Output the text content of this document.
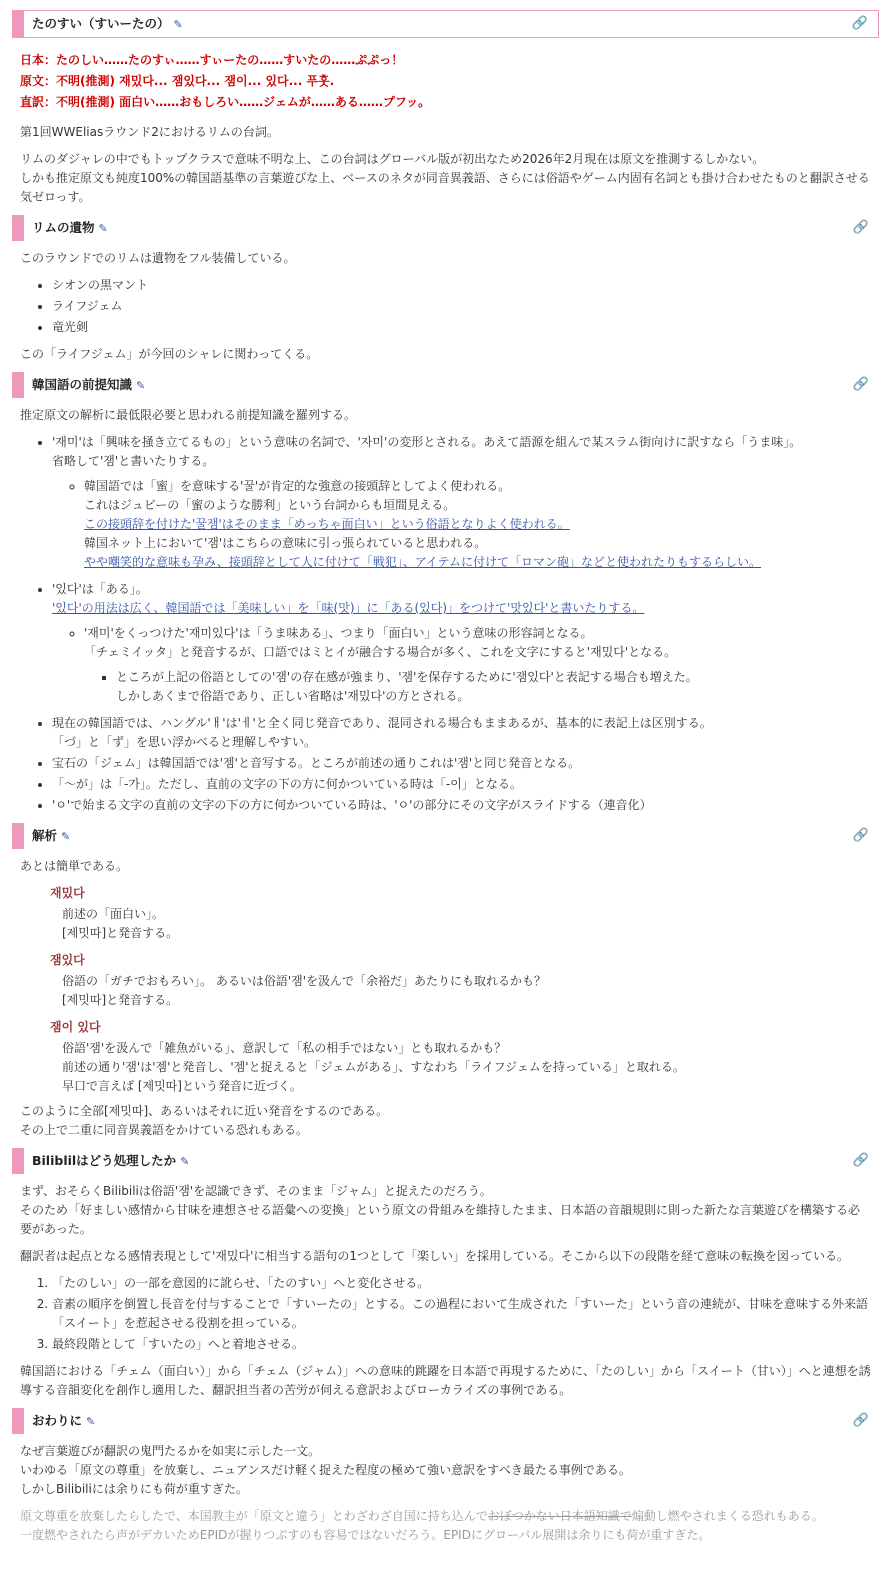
たのすい（すいーたの） ✎	🔗
日本：たのしい……たのすぃ……すぃーたの……すいたの……ぷぷっ！
原文：不明(推測) 재밌다... 잼있다... 잼이... 있다... 푸훗.
直訳：不明(推測) 面白い……おもしろい……ジェムが……ある……プフッ。

第1回WWEliasラウンド2におけるリムの台詞。

リムのダジャレの中でもトップクラスで意味不明な上、この台詞はグローバル版が初出なため2026年2月現在は原文を推測するしかない。
しかも推定原文も純度100%の韓国語基準の言葉遊びな上、ベースのネタが同音異義語、さらには俗語やゲーム内固有名詞とも掛け合わせたものと翻訳させる気ゼロっす。

リムの遺物 ✎	🔗

このラウンドでのリムは遺物をフル装備している。

• シオンの黒マント
• ライフジェム
• 竜光剣

この「ライフジェム」が今回のシャレに関わってくる。

韓国語の前提知識 ✎	🔗

推定原文の解析に最低限必要と思われる前提知識を羅列する。

• '재미'は「興味を掻き立てるもの」という意味の名詞で、'자미'の変形とされる。あえて語源を組んで某スラム街向けに訳すなら「うま味」。
省略して'잼'と書いたりする。
◦ 韓国語では「蜜」を意味する'꿀'が肯定的な強意の接頭辞としてよく使われる。
これはジュビーの「蜜のような勝利」という台詞からも垣間見える。
この接頭辞を付けた'꿀잼'はそのまま「めっちゃ面白い」という俗語となりよく使われる。
韓国ネット上において'잼'はこちらの意味に引っ張られていると思われる。
やや嘲笑的な意味も孕み、接頭辞として人に付けて「戦犯」、アイテムに付けて「ロマン砲」などと使われたりもするらしい。
• '있다'は「ある」。
'있다'の用法は広く、韓国語では「美味しい」を「味(맛)」に「ある(있다)」をつけて'맛있다'と書いたりする。
◦ '재미'をくっつけた'재미있다'は「うま味ある」、つまり「面白い」という意味の形容詞となる。
「チェミイッタ」と発音するが、口語ではミとイが融合する場合が多く、これを文字にすると'재밌다'となる。
▪ ところが上記の俗語としての'잼'の存在感が強まり、'잼'を保存するために'잼있다'と表記する場合も増えた。
しかしあくまで俗語であり、正しい省略は'재밌다'の方とされる。
• 現在の韓国語では、ハングル'ㅐ'は'ㅔ'と全く同じ発音であり、混同される場合もままあるが、基本的に表記上は区別する。
「づ」と「ず」を思い浮かべると理解しやすい。
• 宝石の「ジェム」は韓国語では'젬'と音写する。ところが前述の通りこれは'잼'と同じ発音となる。
• 「～が」は「-가」。ただし、直前の文字の下の方に何かついている時は「-이」となる。
• 'ㅇ'で始まる文字の直前の文字の下の方に何かついている時は、'ㅇ'の部分にその文字がスライドする（連音化）
解析 ✎	🔗

あとは簡単である。

재밌다
前述の「面白い」。
[제밋따]と発音する。
잼있다
俗語の「ガチでおもろい」。 あるいは俗語'잼'を汲んで「余裕だ」あたりにも取れるかも？
[제밋따]と発音する。
잼이 있다
俗語'잼'を汲んで「雑魚がいる」、意訳して「私の相手ではない」とも取れるかも？
前述の通り'잼'は'젬'と発音し、'젬'と捉えると「ジェムがある」、すなわち「ライフジェムを持っている」と取れる。
早口で言えば [제밋따]という発音に近づく。

このように全部[제밋따]、あるいはそれに近い発音をするのである。
その上で二重に同音異義語をかけている恐れもある。

Biliblilはどう処理したか ✎	🔗

まず、おそらくBilibiliは俗語'잼'を認識できず、そのまま「ジャム」と捉えたのだろう。
そのため「好ましい感情から甘味を連想させる語彙への変換」という原文の骨組みを維持したまま、日本語の音韻規則に則った新たな言葉遊びを構築する必要があった。

翻訳者は起点となる感情表現として'재밌다'に相当する語句の1つとして「楽しい」を採用している。そこから以下の段階を経て意味の転換を図っている。

1. 「たのしい」の一部を意図的に訛らせ、「たのすい」へと変化させる。
2. 音素の順序を倒置し長音を付与することで「すいーたの」とする。この過程において生成された「すいーた」という音の連続が、甘味を意味する外来語「スイート」を惹起させる役割を担っている。
3. 最終段階として「すいたの」へと着地させる。

韓国語における「チェム（面白い）」から「チェム（ジャム）」への意味的跳躍を日本語で再現するために、「たのしい」から「スイート（甘い）」へと連想を誘導する音韻変化を創作し適用した、翻訳担当者の苦労が伺える意訳およびローカライズの事例である。

おわりに ✎	🔗

なぜ言葉遊びが翻訳の鬼門たるかを如実に示した一文。
いわゆる「原文の尊重」を放棄し、ニュアンスだけ軽く捉えた程度の極めて強い意訳をすべき最たる事例である。
しかしBilibiliには余りにも荷が重すぎた。

原文尊重を放棄したらしたで、本国教主が「原文と違う」とわざわざ自国に持ち込んでおぼつかない日本語知識で煽動し燃やされまくる恐れもある。
一度燃やされたら声がデカいためEPIDが握りつぶすのも容易ではないだろう。EPIDにグローバル展開は余りにも荷が重すぎた。
